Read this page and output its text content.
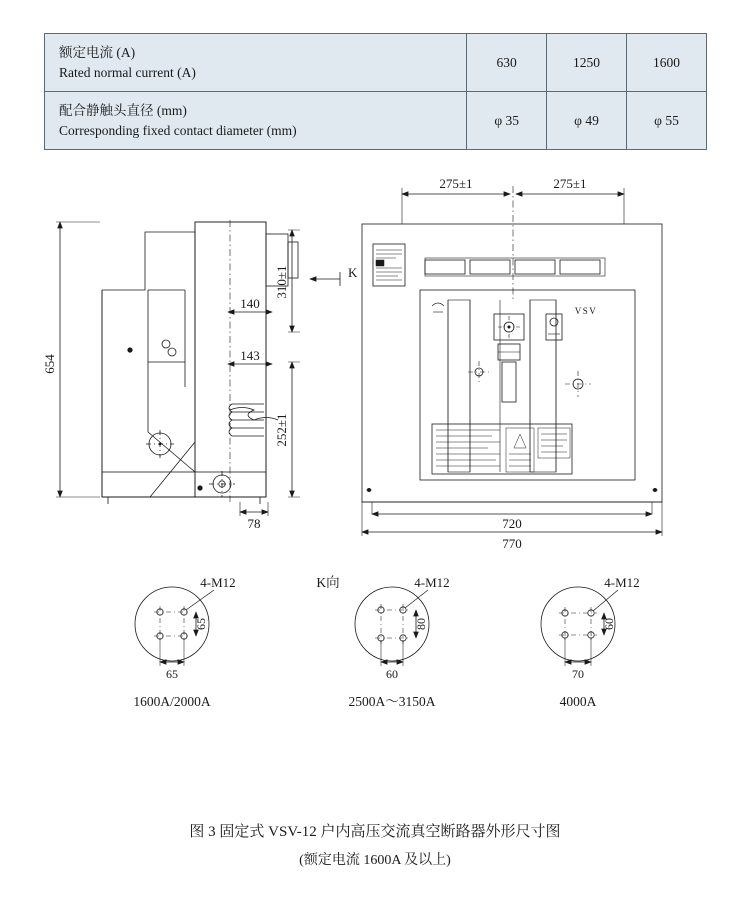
额定电流 (A)
Rated normal current (A)	630	1250	1600

配合静触头直径 (mm)
Corresponding fixed contact diameter (mm)	φ 35	φ 49	φ 55
654
140
143
310±1
252±1
78
K
275±1	275±1
720
770
VSV
K向
4-M12
65
65
1600A/2000A
4-M12
80
60
2500A～3150A
4-M12
60
70
4000A
图 3 固定式 VSV-12 户内高压交流真空断路器外形尺寸图
(额定电流 1600A 及以上)
